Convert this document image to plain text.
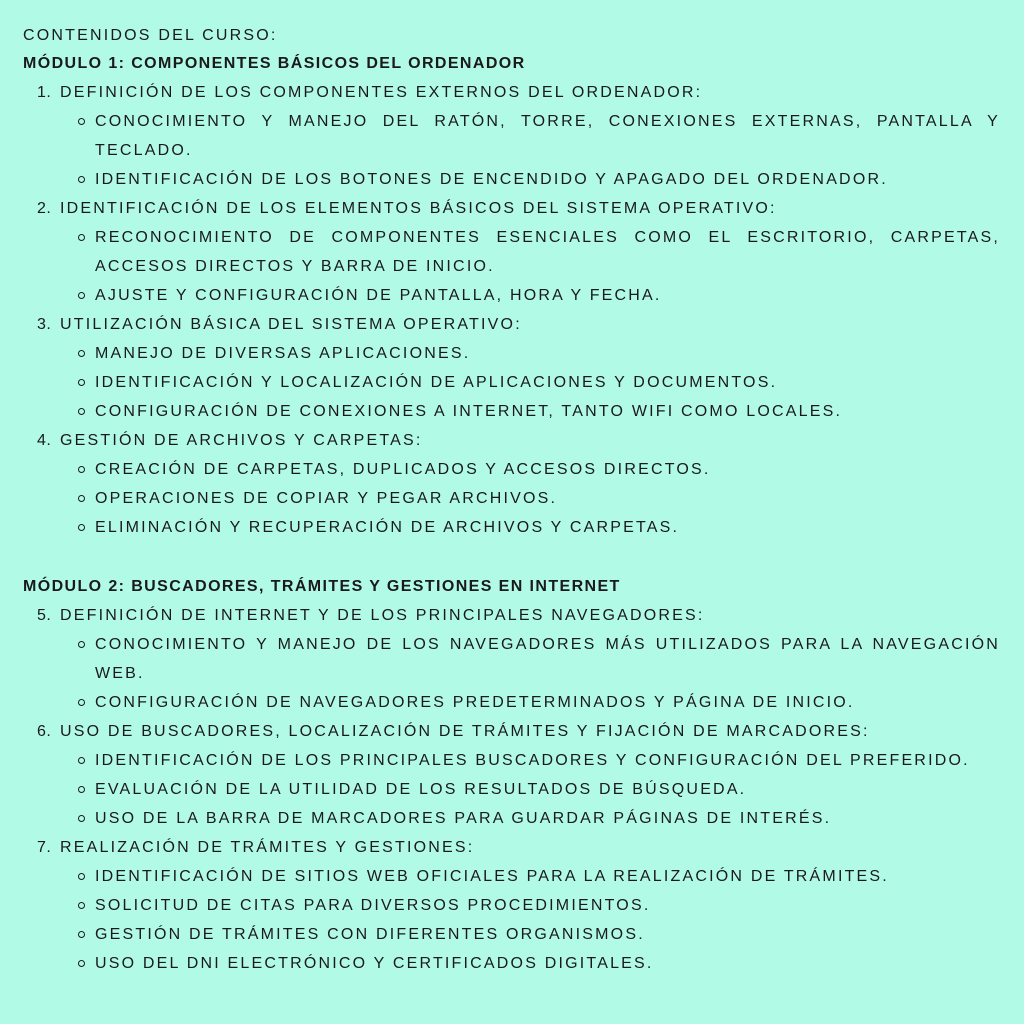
CONTENIDOS DEL CURSO:
MÓDULO 1: COMPONENTES BÁSICOS DEL ORDENADOR
1. DEFINICIÓN DE LOS COMPONENTES EXTERNOS DEL ORDENADOR:
CONOCIMIENTO Y MANEJO DEL RATÓN, TORRE, CONEXIONES EXTERNAS, PANTALLA Y TECLADO.
IDENTIFICACIÓN DE LOS BOTONES DE ENCENDIDO Y APAGADO DEL ORDENADOR.
2. IDENTIFICACIÓN DE LOS ELEMENTOS BÁSICOS DEL SISTEMA OPERATIVO:
RECONOCIMIENTO DE COMPONENTES ESENCIALES COMO EL ESCRITORIO, CARPETAS, ACCESOS DIRECTOS Y BARRA DE INICIO.
AJUSTE Y CONFIGURACIÓN DE PANTALLA, HORA Y FECHA.
3. UTILIZACIÓN BÁSICA DEL SISTEMA OPERATIVO:
MANEJO DE DIVERSAS APLICACIONES.
IDENTIFICACIÓN Y LOCALIZACIÓN DE APLICACIONES Y DOCUMENTOS.
CONFIGURACIÓN DE CONEXIONES A INTERNET, TANTO WIFI COMO LOCALES.
4. GESTIÓN DE ARCHIVOS Y CARPETAS:
CREACIÓN DE CARPETAS, DUPLICADOS Y ACCESOS DIRECTOS.
OPERACIONES DE COPIAR Y PEGAR ARCHIVOS.
ELIMINACIÓN Y RECUPERACIÓN DE ARCHIVOS Y CARPETAS.
MÓDULO 2: BUSCADORES, TRÁMITES Y GESTIONES EN INTERNET
5. DEFINICIÓN DE INTERNET Y DE LOS PRINCIPALES NAVEGADORES:
CONOCIMIENTO Y MANEJO DE LOS NAVEGADORES MÁS UTILIZADOS PARA LA NAVEGACIÓN WEB.
CONFIGURACIÓN DE NAVEGADORES PREDETERMINADOS Y PÁGINA DE INICIO.
6. USO DE BUSCADORES, LOCALIZACIÓN DE TRÁMITES Y FIJACIÓN DE MARCADORES:
IDENTIFICACIÓN DE LOS PRINCIPALES BUSCADORES Y CONFIGURACIÓN DEL PREFERIDO.
EVALUACIÓN DE LA UTILIDAD DE LOS RESULTADOS DE BÚSQUEDA.
USO DE LA BARRA DE MARCADORES PARA GUARDAR PÁGINAS DE INTERÉS.
7. REALIZACIÓN DE TRÁMITES Y GESTIONES:
IDENTIFICACIÓN DE SITIOS WEB OFICIALES PARA LA REALIZACIÓN DE TRÁMITES.
SOLICITUD DE CITAS PARA DIVERSOS PROCEDIMIENTOS.
GESTIÓN DE TRÁMITES CON DIFERENTES ORGANISMOS.
USO DEL DNI ELECTRÓNICO Y CERTIFICADOS DIGITALES.
